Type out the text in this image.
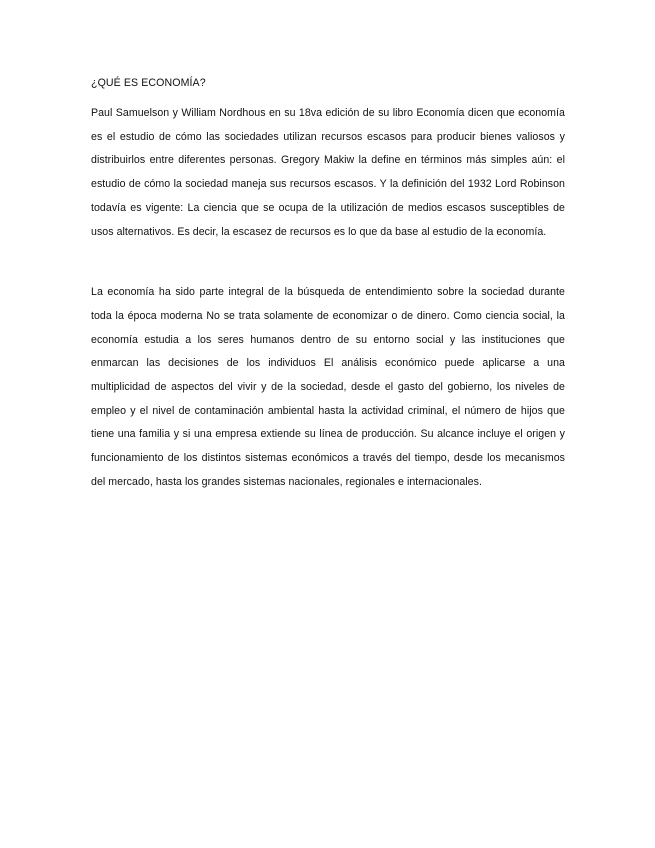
¿QUÉ ES ECONOMÍA?

Paul Samuelson y William Nordhous en su 18va edición de su libro Economía dicen que economía es el estudio de cómo las sociedades utilizan recursos escasos para producir bienes valiosos y distribuirlos entre diferentes personas. Gregory Makiw la define en términos más simples aún: el estudio de cómo la sociedad maneja sus recursos escasos. Y la definición del 1932 Lord Robinson todavía es vigente: La ciencia que se ocupa de la utilización de medios escasos susceptibles de usos alternativos. Es decir, la escasez de recursos es lo que da base al estudio de la economía.

La economía ha sido parte integral de la búsqueda de entendimiento sobre la sociedad durante toda la época moderna No se trata solamente de economizar o de dinero. Como ciencia social, la economía estudia a los seres humanos dentro de su entorno social y las instituciones que enmarcan las decisiones de los individuos El análisis económico puede aplicarse a una multiplicidad de aspectos del vivir y de la sociedad, desde el gasto del gobierno, los niveles de empleo y el nivel de contaminación ambiental hasta la actividad criminal, el número de hijos que tiene una familia y si una empresa extiende su línea de producción. Su alcance incluye el origen y funcionamiento de los distintos sistemas económicos a través del tiempo, desde los mecanismos del mercado, hasta los grandes sistemas nacionales, regionales e internacionales.
